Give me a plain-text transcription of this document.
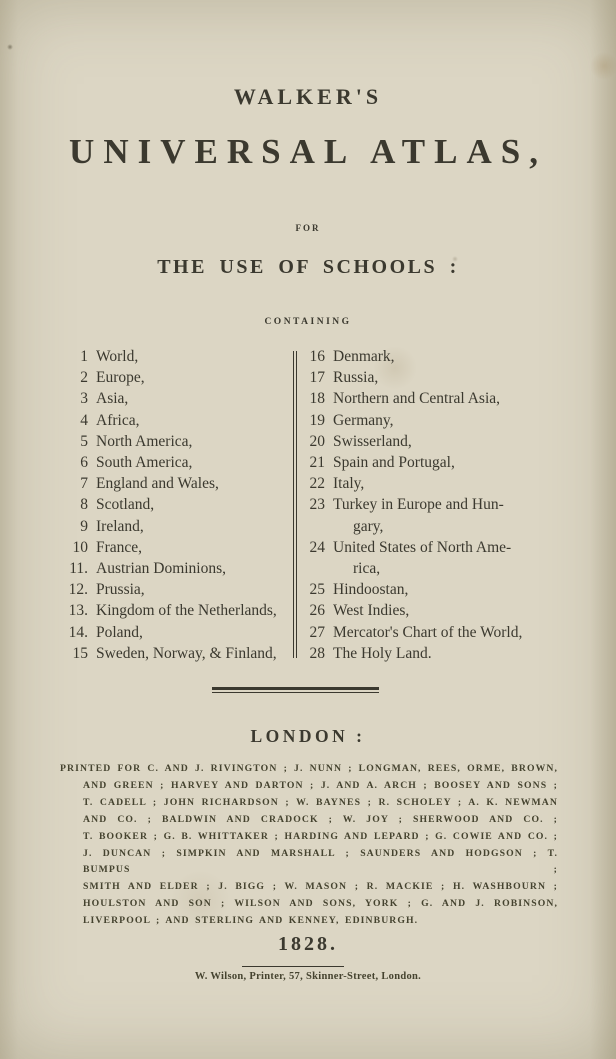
WALKER'S
UNIVERSAL ATLAS,
FOR
THE USE OF SCHOOLS :
CONTAINING
1 World,
2 Europe,
3 Asia,
4 Africa,
5 North America,
6 South America,
7 England and Wales,
8 Scotland,
9 Ireland,
10 France,
11. Austrian Dominions,
12. Prussia,
13. Kingdom of the Netherlands,
14. Poland,
15 Sweden, Norway, & Finland,
16 Denmark,
17 Russia,
18 Northern and Central Asia,
19 Germany,
20 Swisserland,
21 Spain and Portugal,
22 Italy,
23 Turkey in Europe and Hun-
gary,
24 United States of North Ame-
rica,
25 Hindoostan,
26 West Indies,
27 Mercator's Chart of the World,
28 The Holy Land.
LONDON :
PRINTED FOR C. AND J. RIVINGTON ; J. NUNN ; LONGMAN, REES, ORME, BROWN,
AND GREEN ; HARVEY AND DARTON ; J. AND A. ARCH ; BOOSEY AND SONS ;
T. CADELL ; JOHN RICHARDSON ; W. BAYNES ; R. SCHOLEY ; A. K. NEWMAN
AND CO. ; BALDWIN AND CRADOCK ; W. JOY ; SHERWOOD AND CO. ;
T. BOOKER ; G. B. WHITTAKER ; HARDING AND LEPARD ; G. COWIE AND CO. ;
J. DUNCAN ; SIMPKIN AND MARSHALL ; SAUNDERS AND HODGSON ; T. BUMPUS ;
SMITH AND ELDER ; J. BIGG ; W. MASON ; R. MACKIE ; H. WASHBOURN ;
HOULSTON AND SON ; WILSON AND SONS, YORK ; G. AND J. ROBINSON,
LIVERPOOL ; AND STERLING AND KENNEY, EDINBURGH.
1828.
W. Wilson, Printer, 57, Skinner-Street, London.
